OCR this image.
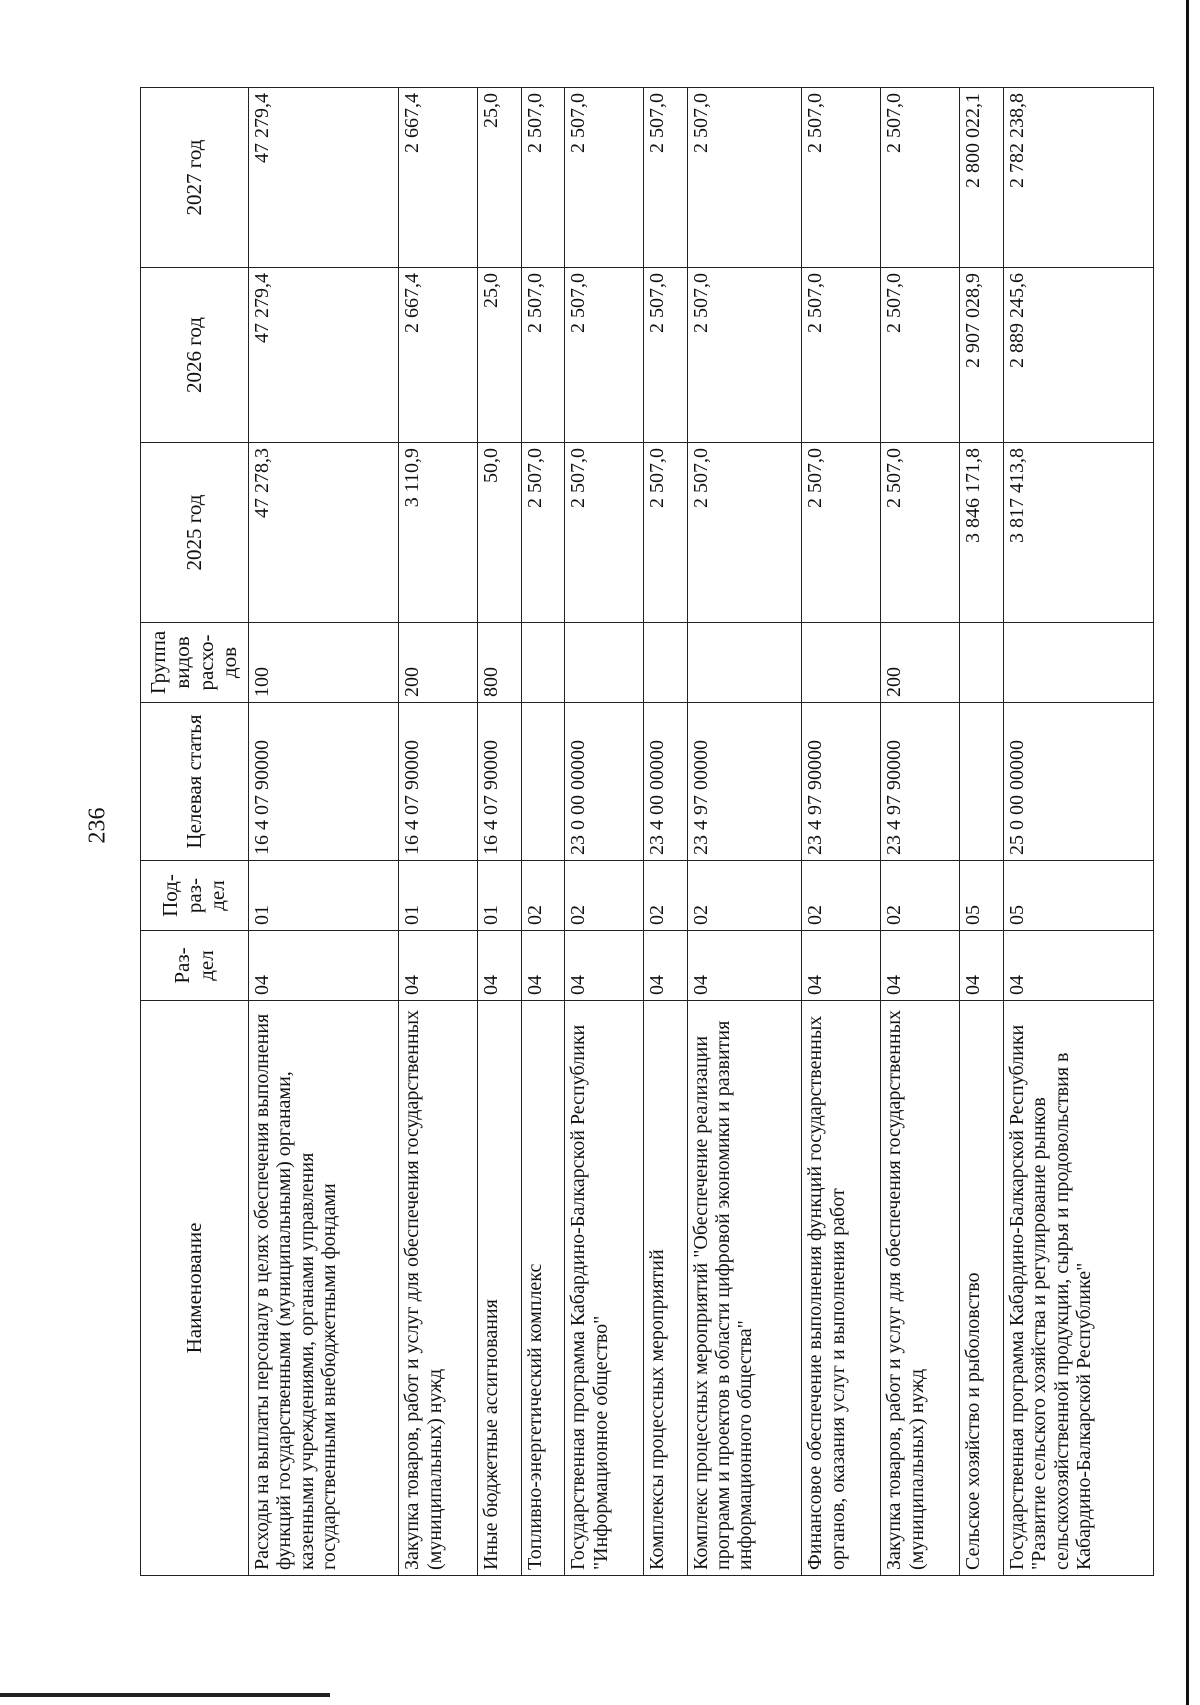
236
Наименование	Раз- дел	Под- раз- дел	Целевая статья	Группа видов расхо- дов	2025 год	2026 год	2027 год
Расходы на выплаты персоналу в целях обеспечения выполнения функций государственными (муниципальными) органами, казенными учреждениями, органами управления государственными внебюджетными фондами	04	01	16 4 07 90000	100	47 278,3	47 279,4	47 279,4
Закупка товаров, работ и услуг для обеспечения государственных (муниципальных) нужд	04	01	16 4 07 90000	200	3 110,9	2 667,4	2 667,4
Иные бюджетные ассигнования	04	01	16 4 07 90000	800	50,0	25,0	25,0
Топливно-энергетический комплекс	04	02			2 507,0	2 507,0	2 507,0
Государственная программа Кабардино-Балкарской Республики "Информационное общество"	04	02	23 0 00 00000		2 507,0	2 507,0	2 507,0
Комплексы процессных мероприятий	04	02	23 4 00 00000		2 507,0	2 507,0	2 507,0
Комплекс процессных мероприятий "Обеспечение реализации программ и проектов в области цифровой экономики и развития информационного общества"	04	02	23 4 97 00000		2 507,0	2 507,0	2 507,0
Финансовое обеспечение выполнения функций государственных органов, оказания услуг и выполнения работ	04	02	23 4 97 90000		2 507,0	2 507,0	2 507,0
Закупка товаров, работ и услуг для обеспечения государственных (муниципальных) нужд	04	02	23 4 97 90000	200	2 507,0	2 507,0	2 507,0
Сельское хозяйство и рыболовство	04	05			3 846 171,8	2 907 028,9	2 800 022,1
Государственная программа Кабардино-Балкарской Республики "Развитие сельского хозяйства и регулирование рынков сельскохозяйственной продукции, сырья и продовольствия в Кабардино-Балкарской Республике"	04	05	25 0 00 00000		3 817 413,8	2 889 245,6	2 782 238,8
